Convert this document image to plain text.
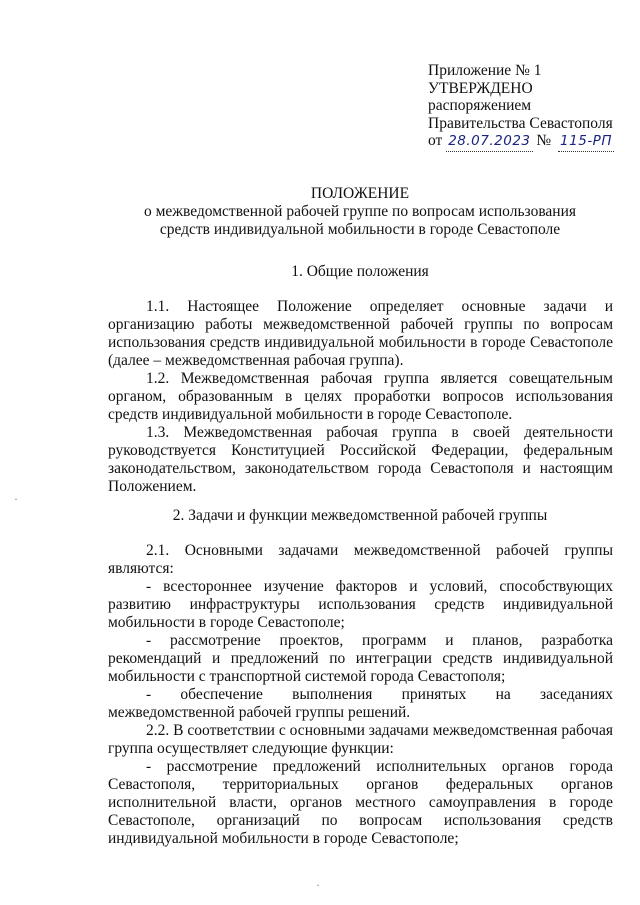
Приложение № 1
УТВЕРЖДЕНО
распоряжением
Правительства Севастополя
от 28.07.2023 № 115-РП
ПОЛОЖЕНИЕ
о межведомственной рабочей группе по вопросам использования
средств индивидуальной мобильности в городе Севастополе
1. Общие положения

1.1. Настоящее Положение определяет основные задачи и организацию работы межведомственной рабочей группы по вопросам использования средств индивидуальной мобильности в городе Севастополе (далее – межведомственная рабочая группа).

1.2. Межведомственная рабочая группа является совещательным органом, образованным в целях проработки вопросов использования средств индивидуальной мобильности в городе Севастополе.

1.3. Межведомственная рабочая группа в своей деятельности руководствуется Конституцией Российской Федерации, федеральным законодательством, законодательством города Севастополя и настоящим Положением.

2. Задачи и функции межведомственной рабочей группы

2.1. Основными задачами межведомственной рабочей группы являются:

- всестороннее изучение факторов и условий, способствующих развитию инфраструктуры использования средств индивидуальной мобильности в городе Севастополе;

- рассмотрение проектов, программ и планов, разработка рекомендаций и предложений по интеграции средств индивидуальной мобильности с транспортной системой города Севастополя;

- обеспечение выполнения принятых на заседаниях межведомственной рабочей группы решений.

2.2. В соответствии с основными задачами межведомственная рабочая группа осуществляет следующие функции:

- рассмотрение предложений исполнительных органов города Севастополя, территориальных органов федеральных органов исполнительной власти, органов местного самоуправления в городе Севастополе, организаций по вопросам использования средств индивидуальной мобильности в городе Севастополе;

·
·
